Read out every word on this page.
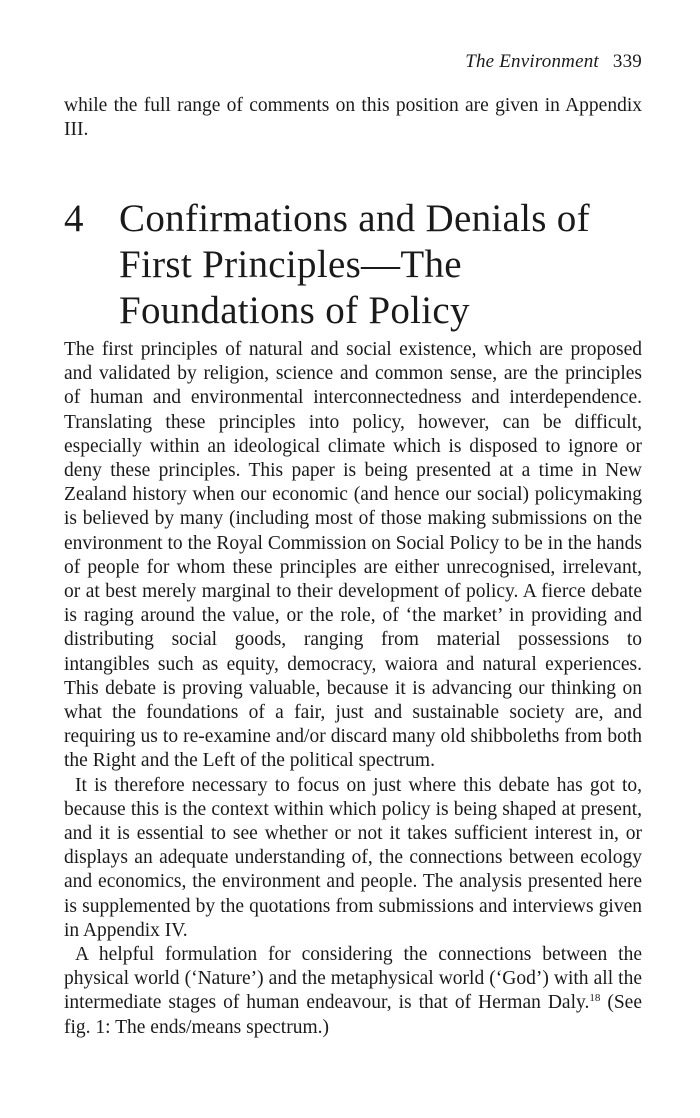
The Environment 339

while the full range of comments on this position are given in Appendix III.

4 Confirmations and Denials of First Principles—The Foundations of Policy

The first principles of natural and social existence, which are proposed and validated by religion, science and common sense, are the principles of human and environmental interconnectedness and interdependence. Translating these principles into policy, however, can be difficult, especially within an ideological climate which is disposed to ignore or deny these principles. This paper is being presented at a time in New Zealand history when our economic (and hence our social) policymaking is believed by many (including most of those making submissions on the environment to the Royal Commission on Social Policy to be in the hands of people for whom these principles are either unrecognised, irrelevant, or at best merely marginal to their development of policy. A fierce debate is raging around the value, or the role, of ‘the market’ in providing and distributing social goods, ranging from material possessions to intangibles such as equity, democracy, waiora and natural experiences. This debate is proving valuable, because it is advancing our thinking on what the foundations of a fair, just and sustainable society are, and requiring us to re-examine and/or discard many old shibboleths from both the Right and the Left of the political spectrum.

It is therefore necessary to focus on just where this debate has got to, because this is the context within which policy is being shaped at present, and it is essential to see whether or not it takes sufficient interest in, or displays an adequate understanding of, the connections between ecology and economics, the environment and people. The analysis presented here is supplemented by the quotations from submissions and interviews given in Appendix IV.

A helpful formulation for considering the connections between the physical world (‘Nature’) and the metaphysical world (‘God’) with all the intermediate stages of human endeavour, is that of Herman Daly.$^{18}$ (See fig. 1: The ends/means spectrum.)
